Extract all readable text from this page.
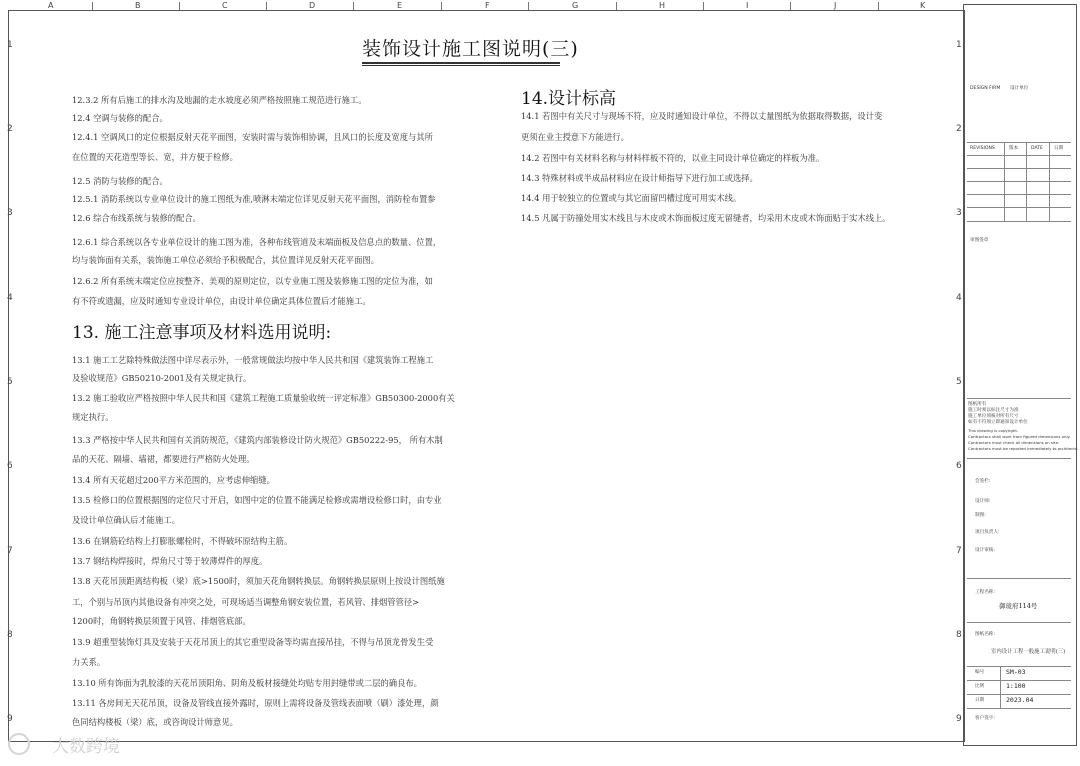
A	B	C	D	E	F	G	H	I	J	K
1
2
3
4
5
6
7
8
9
1
2
3
4
5
6
7
8
9
装饰设计施工图说明(三)
12.3.2 所有后施工的排水沟及地漏的走水坡度必须严格按照施工规范进行施工。
12.4 空调与装修的配合。
12.4.1 空调风口的定位根据反射天花平面图，安装时需与装饰相协调，且风口的长度及宽度与其所
在位置的天花造型等长、宽，并方便于检修。
12.5 消防与装修的配合。
12.5.1 消防系统以专业单位设计的施工图纸为准,喷淋末端定位详见反射天花平面图，消防栓布置参
12.6 综合布线系统与装修的配合。
12.6.1 综合系统以各专业单位设计的施工图为准，各种布线管道及末端面板及信息点的数量、位置，
均与装饰面有关系，装饰施工单位必须给予积极配合，其位置详见反射天花平面图。
12.6.2 所有系统末端定位应按整齐、美观的原则定位，以专业施工图及装修施工图的定位为准，如
有不符或遗漏，应及时通知专业设计单位，由设计单位确定具体位置后才能施工。
13. 施工注意事项及材料选用说明:
13.1 施工工艺除特殊做法图中详尽表示外，一般常规做法均按中华人民共和国《建筑装饰工程施工
及验收规范》GB50210-2001及有关规定执行。
13.2 施工验收应严格按照中华人民共和国《建筑工程施工质量验收统一评定标准》GB50300-2000有关
规定执行。
13.3 严格按中华人民共和国有关消防规范，《建筑内部装修设计防火规范》GB50222-95， 所有木制
品的天花、隔墙、墙裙，都要进行严格防火处理。
13.4 所有天花超过200平方米范围的，应考虑伸缩缝。
13.5 检修口的位置根据图的定位尺寸开启，如图中定的位置不能满足检修或需增设检修口时，由专业
及设计单位确认后才能施工。
13.6 在钢筋砼结构上打膨胀螺栓时，不得破坏原结构主筋。
13.7 钢结构焊接时，焊角尺寸等于较薄焊件的厚度。
13.8 天花吊顶距离结构板（梁）底>1500时，须加天花角钢转换层。角钢转换层原则上按设计图纸施
工，个别与吊顶内其他设备有冲突之处，可现场适当调整角钢安装位置，若风管、排烟管管径>
1200时，角钢转换层须置于风管、排烟管底部。
13.9 超重型装饰灯具及安装于天花吊顶上的其它重型设备等均需直接吊挂，不得与吊顶龙骨发生受
力关系。
13.10 所有饰面为乳胶漆的天花吊顶阳角、阴角及板材接缝处均贴专用封缝带或二层的确良布。
13.11 各房间无天花吊顶，设备及管线直接外露时，原则上需将设备及管线表面喷（刷）漆处理，颜
色同结构楼板（梁）底，或咨询设计师意见。
14.设计标高
14.1 若图中有关尺寸与现场不符，应及时通知设计单位，不得以丈量图纸为依据取得数据，设计变
更须在业主授意下方能进行。
14.2 若图中有关材料名称与材料样板不符的，以业主同设计单位确定的样板为准。
14.3 特殊材料或半成品材料应在设计师指导下进行加工或选择。
14.4 用于较独立的位置或与其它面留凹槽过度可用实木线。
14.5 凡属于防撞处用实木线且与木皮或木饰面板过度无留缝者，均采用木皮或木饰面贴于实木线上。
DESIGN FIRM 设计单位
REVISIONS	版本	DATE 日期
审图签章
图纸所有
施工时须以标注尺寸为准
施工单位须核对所有尺寸
如有不符须立即通知设计单位
This drawing is copyright.
Contractors shall work from figured dimensions only.
Contractors must check all dimensions on site.
Contractors must be reported immediately to architects.
会签栏:
设计师:
制图:
项目负责人:
设计审核:
工程名称:
御珑府114号
图纸名称:
室内设计工程一般施工说明(三)
编号	SM-03
比例	1:100
日期	2023.04
客户签字:
大数跨境
